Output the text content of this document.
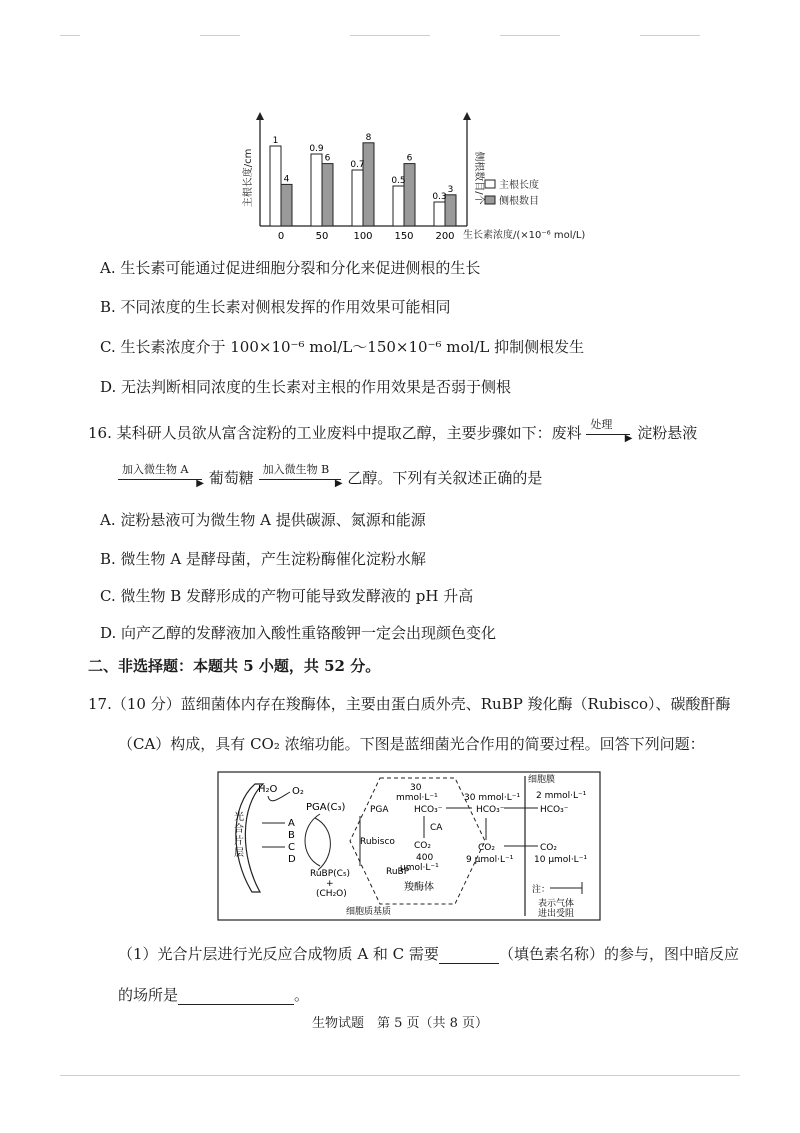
主根长度/cm	侧根数目/个
1
4
0
0.9
6
50
0.7
8
100
0.5
6
150
0.3
3
200
主根长度
侧根数目
生长素浓度/(×10⁻⁶ mol/L)
A. 生长素可能通过促进细胞分裂和分化来促进侧根的生长
B. 不同浓度的生长素对侧根发挥的作用效果可能相同
C. 生长素浓度介于 100×10⁻⁶ mol/L～150×10⁻⁶ mol/L 抑制侧根发生
D. 无法判断相同浓度的生长素对主根的作用效果是否弱于侧根
16. 某科研人员欲从富含淀粉的工业废料中提取乙醇，主要步骤如下：废料 处理
▶ 淀粉悬液
加入微生物 A
▶ 葡萄糖 加入微生物 B
▶ 乙醇。下列有关叙述正确的是
A. 淀粉悬液可为微生物 A 提供碳源、氮源和能源
B. 微生物 A 是酵母菌，产生淀粉酶催化淀粉水解
C. 微生物 B 发酵形成的产物可能导致发酵液的 pH 升高
D. 向产乙醇的发酵液加入酸性重铬酸钾一定会出现颜色变化
二、非选择题：本题共 5 小题，共 52 分。
17.（10 分）蓝细菌体内存在羧酶体，主要由蛋白质外壳、RuBP 羧化酶（Rubisco）、碳酸酐酶
（CA）构成，具有 CO₂ 浓缩功能。下图是蓝细菌光合作用的简要过程。回答下列问题：
光
合
片
层
H₂O O₂
A
B
C
D
PGA(C₃)
RuBP(C₅)
+
(CH₂O)
30
mmol·L⁻¹
PGA	HCO₃⁻
CA
Rubisco CO₂
400
μmol·L⁻¹
RuBP
羧酶体
30 mmol·L⁻¹
HCO₃⁻
CO₂
9 μmol·L⁻¹
细胞膜
2 mmol·L⁻¹
HCO₃⁻
CO₂
10 μmol·L⁻¹
细胞质基质
注：
表示气体
进出受阻
（1）光合片层进行光反应合成物质 A 和 C 需要	（填色素名称）的参与，图中暗反应
的场所是	。
生物试题　第 5 页（共 8 页）
